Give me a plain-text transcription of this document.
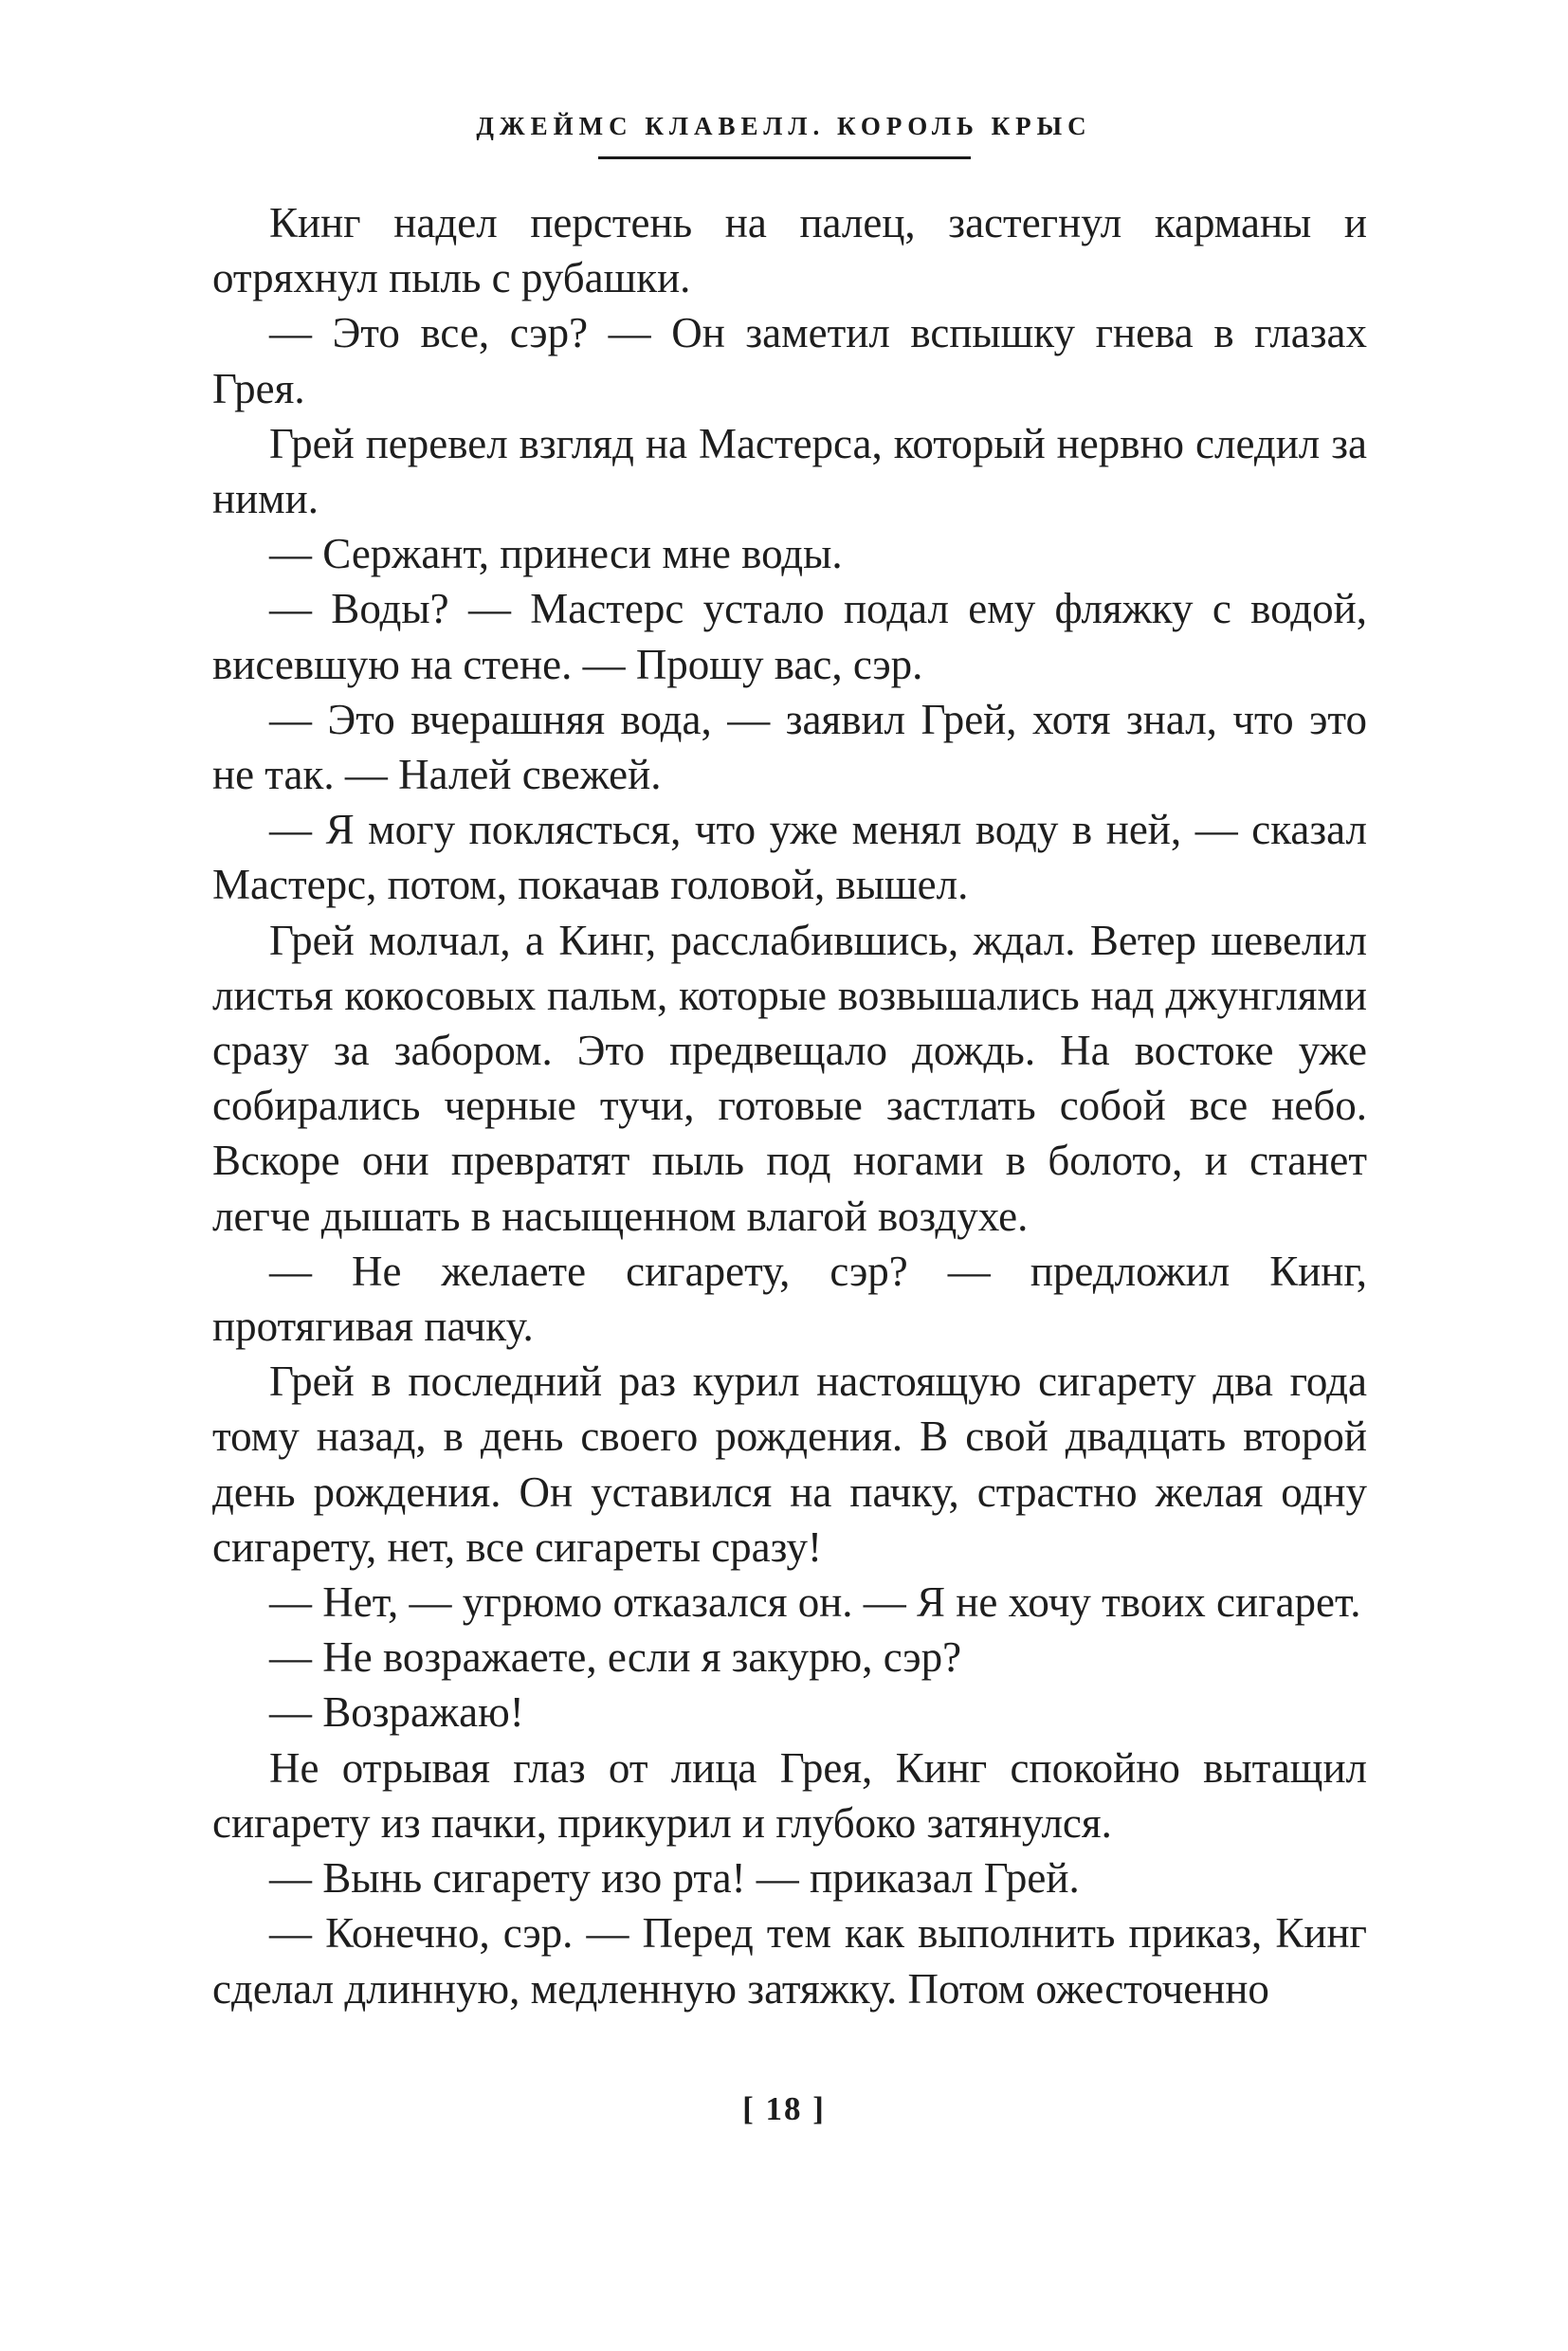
ДЖЕЙМС КЛАВЕЛЛ. КОРОЛЬ КРЫС

Кинг надел перстень на палец, застегнул карманы и отряхнул пыль с рубашки.

— Это все, сэр? — Он заметил вспышку гнева в глазах Грея.

Грей перевел взгляд на Мастерса, который нервно следил за ними.

— Сержант, принеси мне воды.

— Воды? — Мастерс устало подал ему фляжку с водой, висевшую на стене. — Прошу вас, сэр.

— Это вчерашняя вода, — заявил Грей, хотя знал, что это не так. — Налей свежей.

— Я могу поклясться, что уже менял воду в ней, — сказал Мастерс, потом, покачав головой, вышел.

Грей молчал, а Кинг, расслабившись, ждал. Ветер шевелил листья кокосовых пальм, которые возвышались над джунглями сразу за забором. Это предвещало дождь. На востоке уже собирались черные тучи, готовые застлать собой все небо. Вскоре они превратят пыль под ногами в болото, и станет легче дышать в насыщенном влагой воздухе.

— Не желаете сигарету, сэр? — предложил Кинг, протягивая пачку.

Грей в последний раз курил настоящую сигарету два года тому назад, в день своего рождения. В свой двадцать второй день рождения. Он уставился на пачку, страстно желая одну сигарету, нет, все сигареты сразу!

— Нет, — угрюмо отказался он. — Я не хочу твоих сигарет.

— Не возражаете, если я закурю, сэр?

— Возражаю!

Не отрывая глаз от лица Грея, Кинг спокойно вытащил сигарету из пачки, прикурил и глубоко затянулся.

— Вынь сигарету изо рта! — приказал Грей.

— Конечно, сэр. — Перед тем как выполнить приказ, Кинг сделал длинную, медленную затяжку. Потом ожесточенно

[ 18 ]
